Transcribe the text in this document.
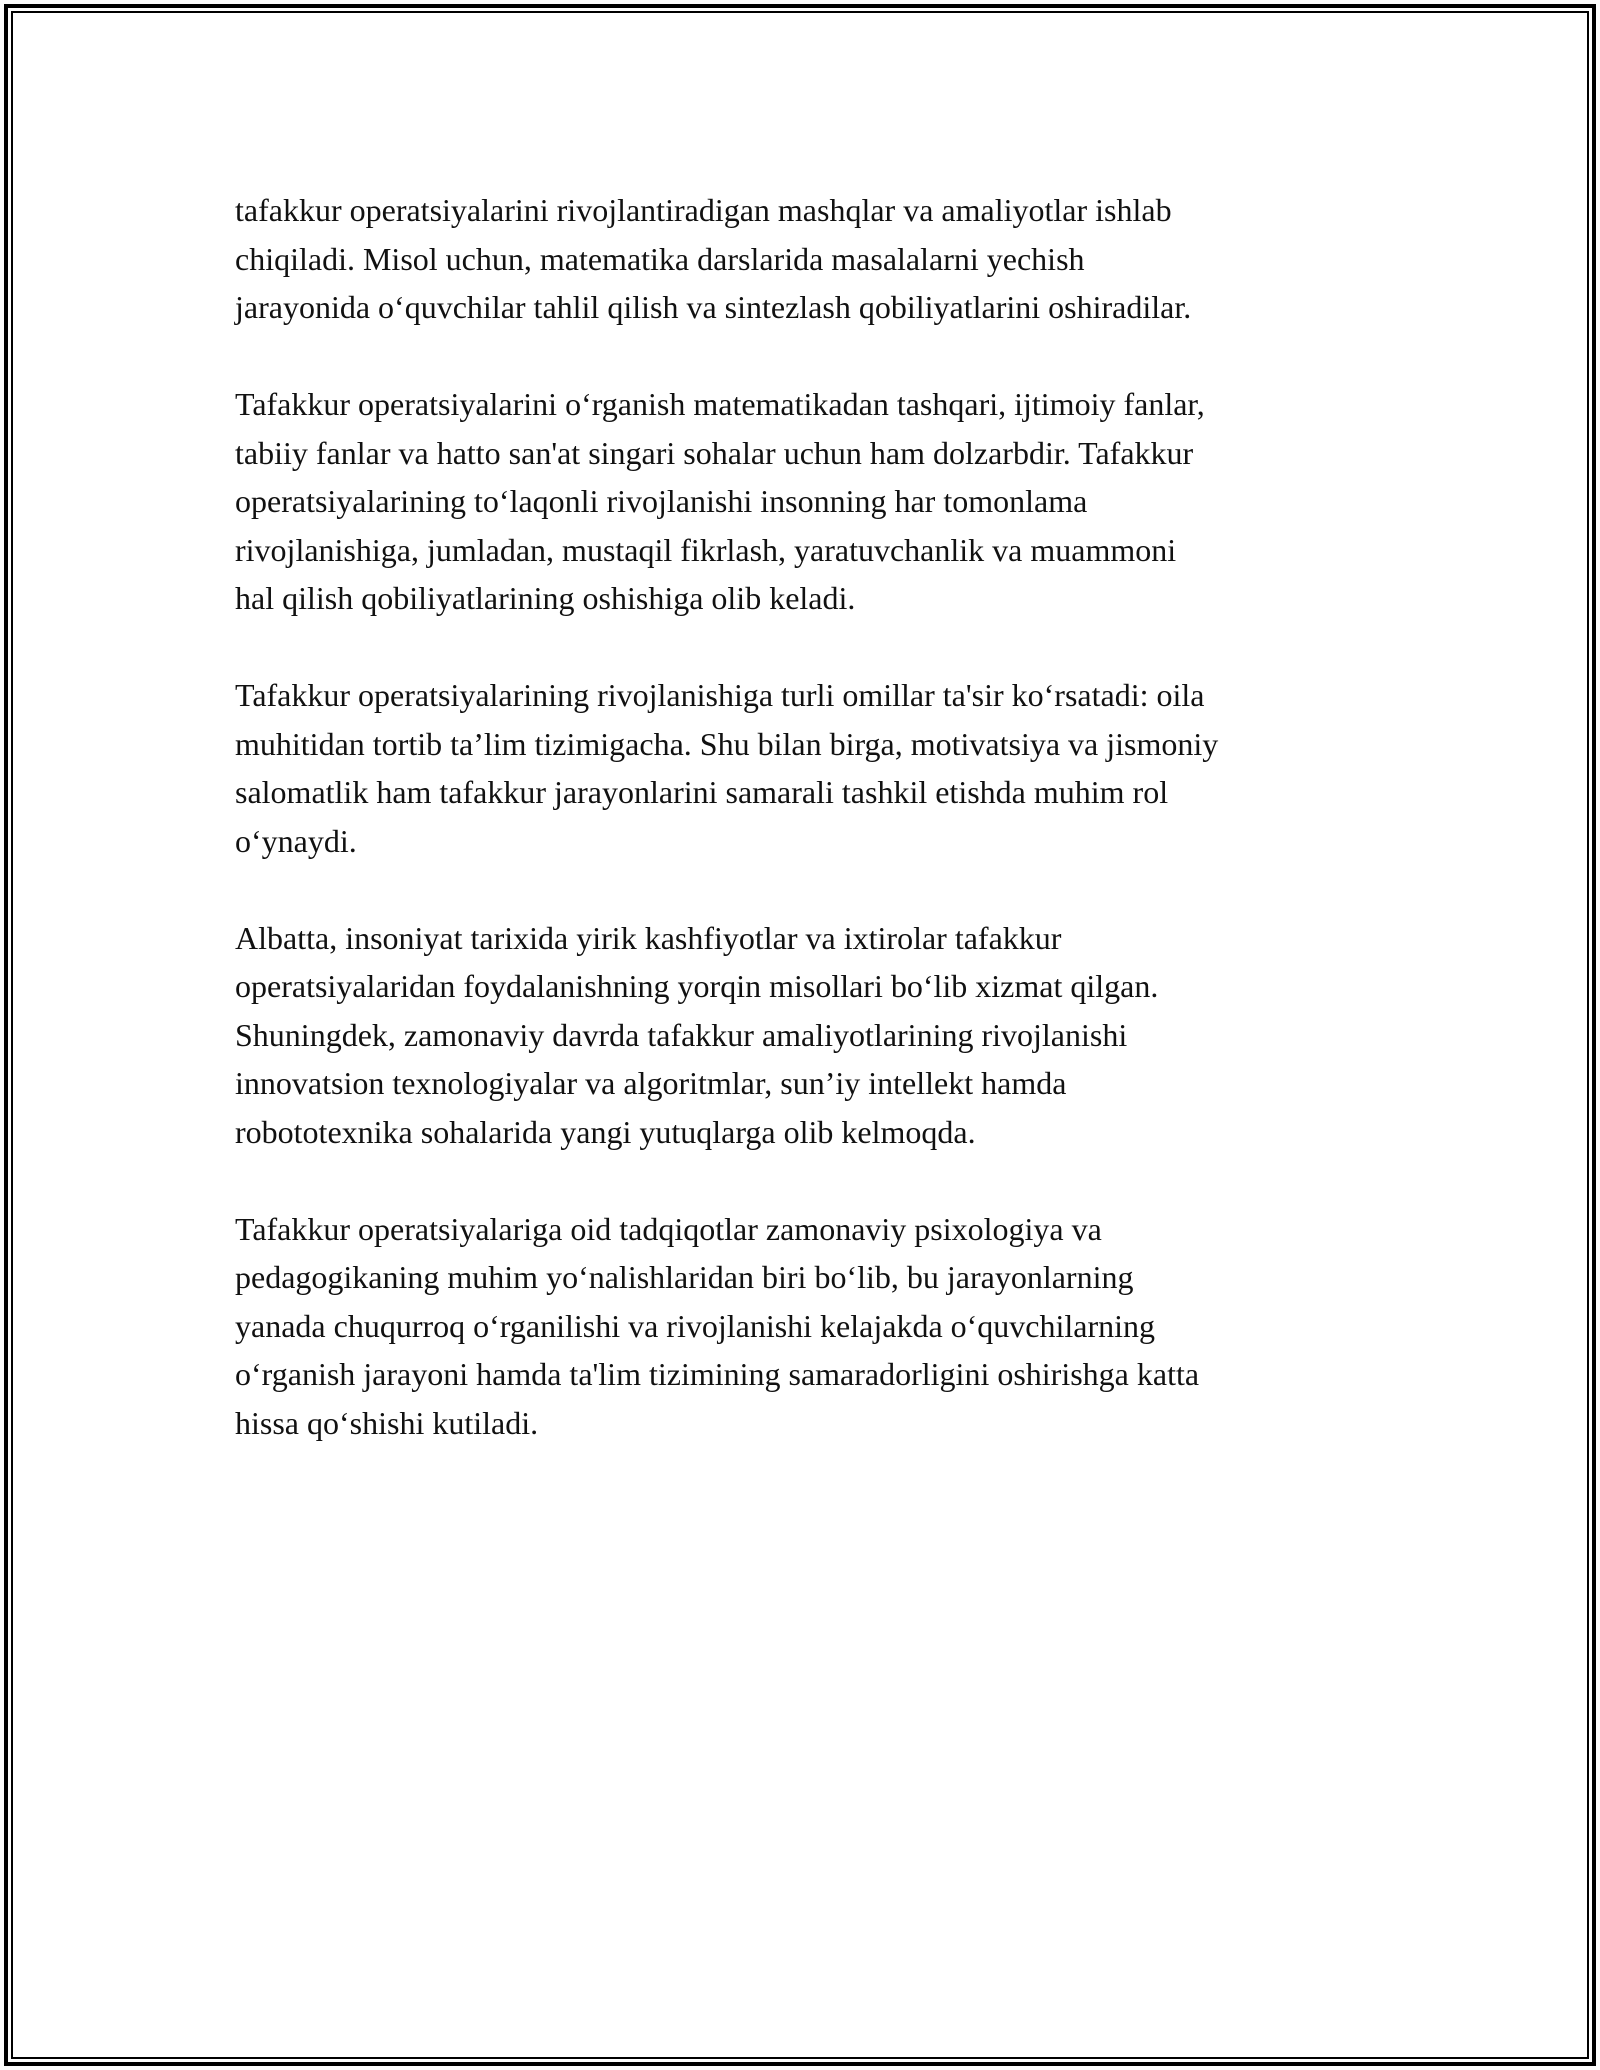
tafakkur operatsiyalarini rivojlantiradigan mashqlar va amaliyotlar ishlab
chiqiladi. Misol uchun, matematika darslarida masalalarni yechish
jarayonida o‘quvchilar tahlil qilish va sintezlash qobiliyatlarini oshiradilar.

Tafakkur operatsiyalarini o‘rganish matematikadan tashqari, ijtimoiy fanlar,
tabiiy fanlar va hatto san'at singari sohalar uchun ham dolzarbdir. Tafakkur
operatsiyalarining to‘laqonli rivojlanishi insonning har tomonlama
rivojlanishiga, jumladan, mustaqil fikrlash, yaratuvchanlik va muammoni
hal qilish qobiliyatlarining oshishiga olib keladi.

Tafakkur operatsiyalarining rivojlanishiga turli omillar ta'sir ko‘rsatadi: oila
muhitidan tortib ta’lim tizimigacha. Shu bilan birga, motivatsiya va jismoniy
salomatlik ham tafakkur jarayonlarini samarali tashkil etishda muhim rol
o‘ynaydi.

Albatta, insoniyat tarixida yirik kashfiyotlar va ixtirolar tafakkur
operatsiyalaridan foydalanishning yorqin misollari bo‘lib xizmat qilgan.
Shuningdek, zamonaviy davrda tafakkur amaliyotlarining rivojlanishi
innovatsion texnologiyalar va algoritmlar, sun’iy intellekt hamda
robototexnika sohalarida yangi yutuqlarga olib kelmoqda.

Tafakkur operatsiyalariga oid tadqiqotlar zamonaviy psixologiya va
pedagogikaning muhim yo‘nalishlaridan biri bo‘lib, bu jarayonlarning
yanada chuqurroq o‘rganilishi va rivojlanishi kelajakda o‘quvchilarning
o‘rganish jarayoni hamda ta'lim tizimining samaradorligini oshirishga katta
hissa qo‘shishi kutiladi.
